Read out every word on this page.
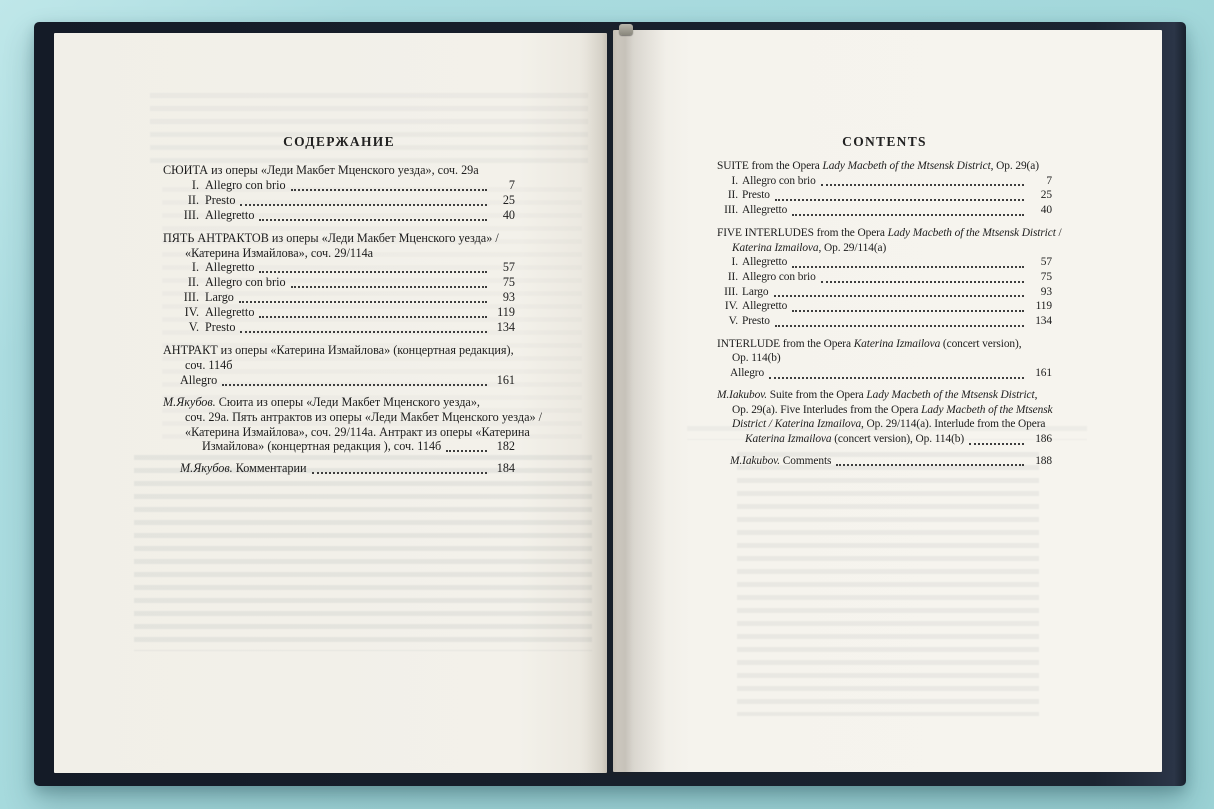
СОДЕРЖАНИЕ
СЮИТА из оперы «Леди Макбет Мценского уезда», соч. 29а
I. Allegro con brio	7
II. Presto	25
III. Allegretto	40
ПЯТЬ АНТРАКТОВ из оперы «Леди Макбет Мценского уезда» /
«Катерина Измайлова», соч. 29/114а
I. Allegretto	57
II. Allegro con brio	75
III. Largo	93
IV. Allegretto	119
V. Presto	134
АНТРАКТ из оперы «Катерина Измайлова» (концертная редакция),
соч. 114б
Allegro	161
М.Якубов. Сюита из оперы «Леди Макбет Мценского уезда»,
соч. 29а. Пять антрактов из оперы «Леди Макбет Мценского уезда» /
«Катерина Измайлова», соч. 29/114а. Антракт из оперы «Катерина
Измайлова» (концертная редакция ), соч. 114б	182
М.Якубов. Комментарии	184
CONTENTS
SUITE from the Opera Lady Macbeth of the Mtsensk District, Op. 29(a)
I. Allegro con brio	7
II. Presto	25
III. Allegretto	40
FIVE INTERLUDES from the Opera Lady Macbeth of the Mtsensk District /
Katerina Izmailova, Op. 29/114(a)
I. Allegretto	57
II. Allegro con brio	75
III. Largo	93
IV. Allegretto	119
V. Presto	134
INTERLUDE from the Opera Katerina Izmailova (concert version),
Op. 114(b)
Allegro	161
M.Iakubov. Suite from the Opera Lady Macbeth of the Mtsensk District,
Op. 29(a). Five Interludes from the Opera Lady Macbeth of the Mtsensk
District / Katerina Izmailova, Op. 29/114(a). Interlude from the Opera
Katerina Izmailova (concert version), Op. 114(b)	186
M.Iakubov. Comments	188
